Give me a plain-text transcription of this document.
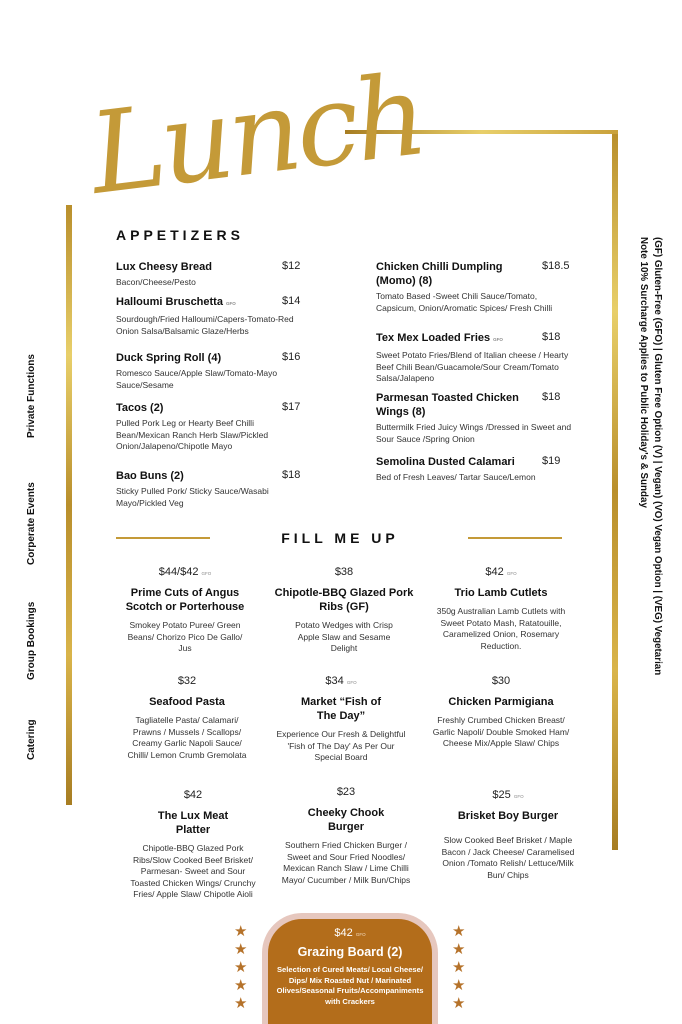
Lunch
Private Functions
Corperate Events
Group Bookings
Catering
(GF) Gluten-Free (GFO) | Gluten Free Option (V) | Vegan) (VO) Vegan Option | (VEG) Vegetarian
Note 10% Surcharge Applies to Public Holiday's & Sunday
APPETIZERS
Lux Cheesy Bread	$12
Bacon/Cheese/Pesto
Halloumi Bruschetta GFO	$14
Sourdough/Fried Halloumi/Capers-Tomato-Red Onion Salsa/Balsamic Glaze/Herbs
Duck Spring Roll (4)	$16
Romesco Sauce/Apple Slaw/Tomato-Mayo Sauce/Sesame
Tacos (2)	$17
Pulled Pork Leg or Hearty Beef Chilli Bean/Mexican Ranch Herb Slaw/Pickled Onion/Jalapeno/Chipotle Mayo
Bao Buns (2)	$18
Sticky Pulled Pork/ Sticky Sauce/Wasabi Mayo/Pickled Veg
Chicken Chilli Dumpling (Momo) (8)
$18.5
Tomato Based -Sweet Chili Sauce/Tomato, Capsicum, Onion/Aromatic Spices/ Fresh Chilli
Tex Mex Loaded Fries GFO	$18
Sweet Potato Fries/Blend of Italian cheese / Hearty Beef Chili Bean/Guacamole/Sour Cream/Tomato Salsa/Jalapeno
Parmesan Toasted Chicken Wings (8)
$18
Buttermilk Fried Juicy Wings /Dressed in Sweet and Sour Sauce /Spring Onion
Semolina Dusted Calamari	$19
Bed of Fresh Leaves/ Tartar Sauce/Lemon
FILL ME UP
$44/$42 GFO
Prime Cuts of Angus Scotch or Porterhouse
Smokey Potato Puree/ Green Beans/ Chorizo Pico De Gallo/ Jus
$38
Chipotle-BBQ Glazed Pork Ribs (GF)
Potato Wedges with Crisp Apple Slaw and Sesame Delight
$42 GFO
Trio Lamb Cutlets
350g Australian Lamb Cutlets with Sweet Potato Mash, Ratatouille, Caramelized Onion, Rosemary Reduction.
$32
Seafood Pasta
Tagliatelle Pasta/ Calamari/ Prawns / Mussels / Scallops/ Creamy Garlic Napoli Sauce/ Chilli/ Lemon Crumb Gremolata
$34 GFO
Market “Fish of The Day”
Experience Our Fresh & Delightful 'Fish of The Day' As Per Our Special Board
$30
Chicken Parmigiana
Freshly Crumbed Chicken Breast/ Garlic Napoli/ Double Smoked Ham/ Cheese Mix/Apple Slaw/ Chips
$42
The Lux Meat Platter
Chipotle-BBQ Glazed Pork Ribs/Slow Cooked Beef Brisket/ Parmesan- Sweet and Sour Toasted Chicken Wings/ Crunchy Fries/ Apple Slaw/ Chipotle Aioli
$23
Cheeky Chook Burger
Southern Fried Chicken Burger / Sweet and Sour Fried Noodles/ Mexican Ranch Slaw / Lime Chilli Mayo/ Cucumber / Milk Bun/Chips
$25 GFO
Brisket Boy Burger
Slow Cooked Beef Brisket / Maple Bacon / Jack Cheese/ Caramelised Onion /Tomato Relish/ Lettuce/Milk Bun/ Chips
★
★
★
★
★
★
★
★
★
★
$42 GFO
Grazing Board (2)
Selection of Cured Meats/ Local Cheese/ Dips/ Mix Roasted Nut / Marinated Olives/Seasonal Fruits/Accompaniments with Crackers
